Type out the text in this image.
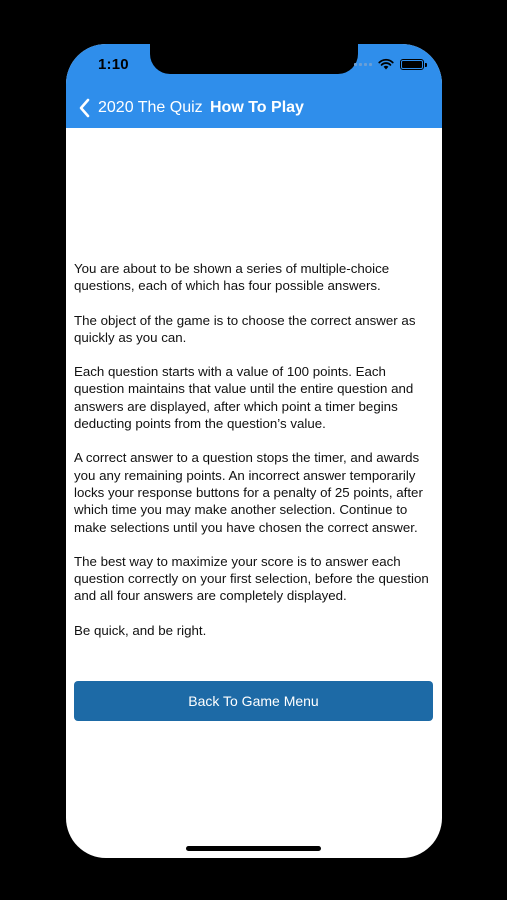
1:10
2020 The Quiz How To Play

You are about to be shown a series of multiple-choice questions, each of which has four possible answers.

The object of the game is to choose the correct answer as quickly as you can.

Each question starts with a value of 100 points. Each question maintains that value until the entire question and answers are displayed, after which point a timer begins deducting points from the question’s value.

A correct answer to a question stops the timer, and awards you any remaining points. An incorrect answer temporarily locks your response buttons for a penalty of 25 points, after which time you may make another selection. Continue to make selections until you have chosen the correct answer.

The best way to maximize your score is to answer each question correctly on your first selection, before the question and all four answers are completely displayed.

Be quick, and be right.

Back To Game Menu
